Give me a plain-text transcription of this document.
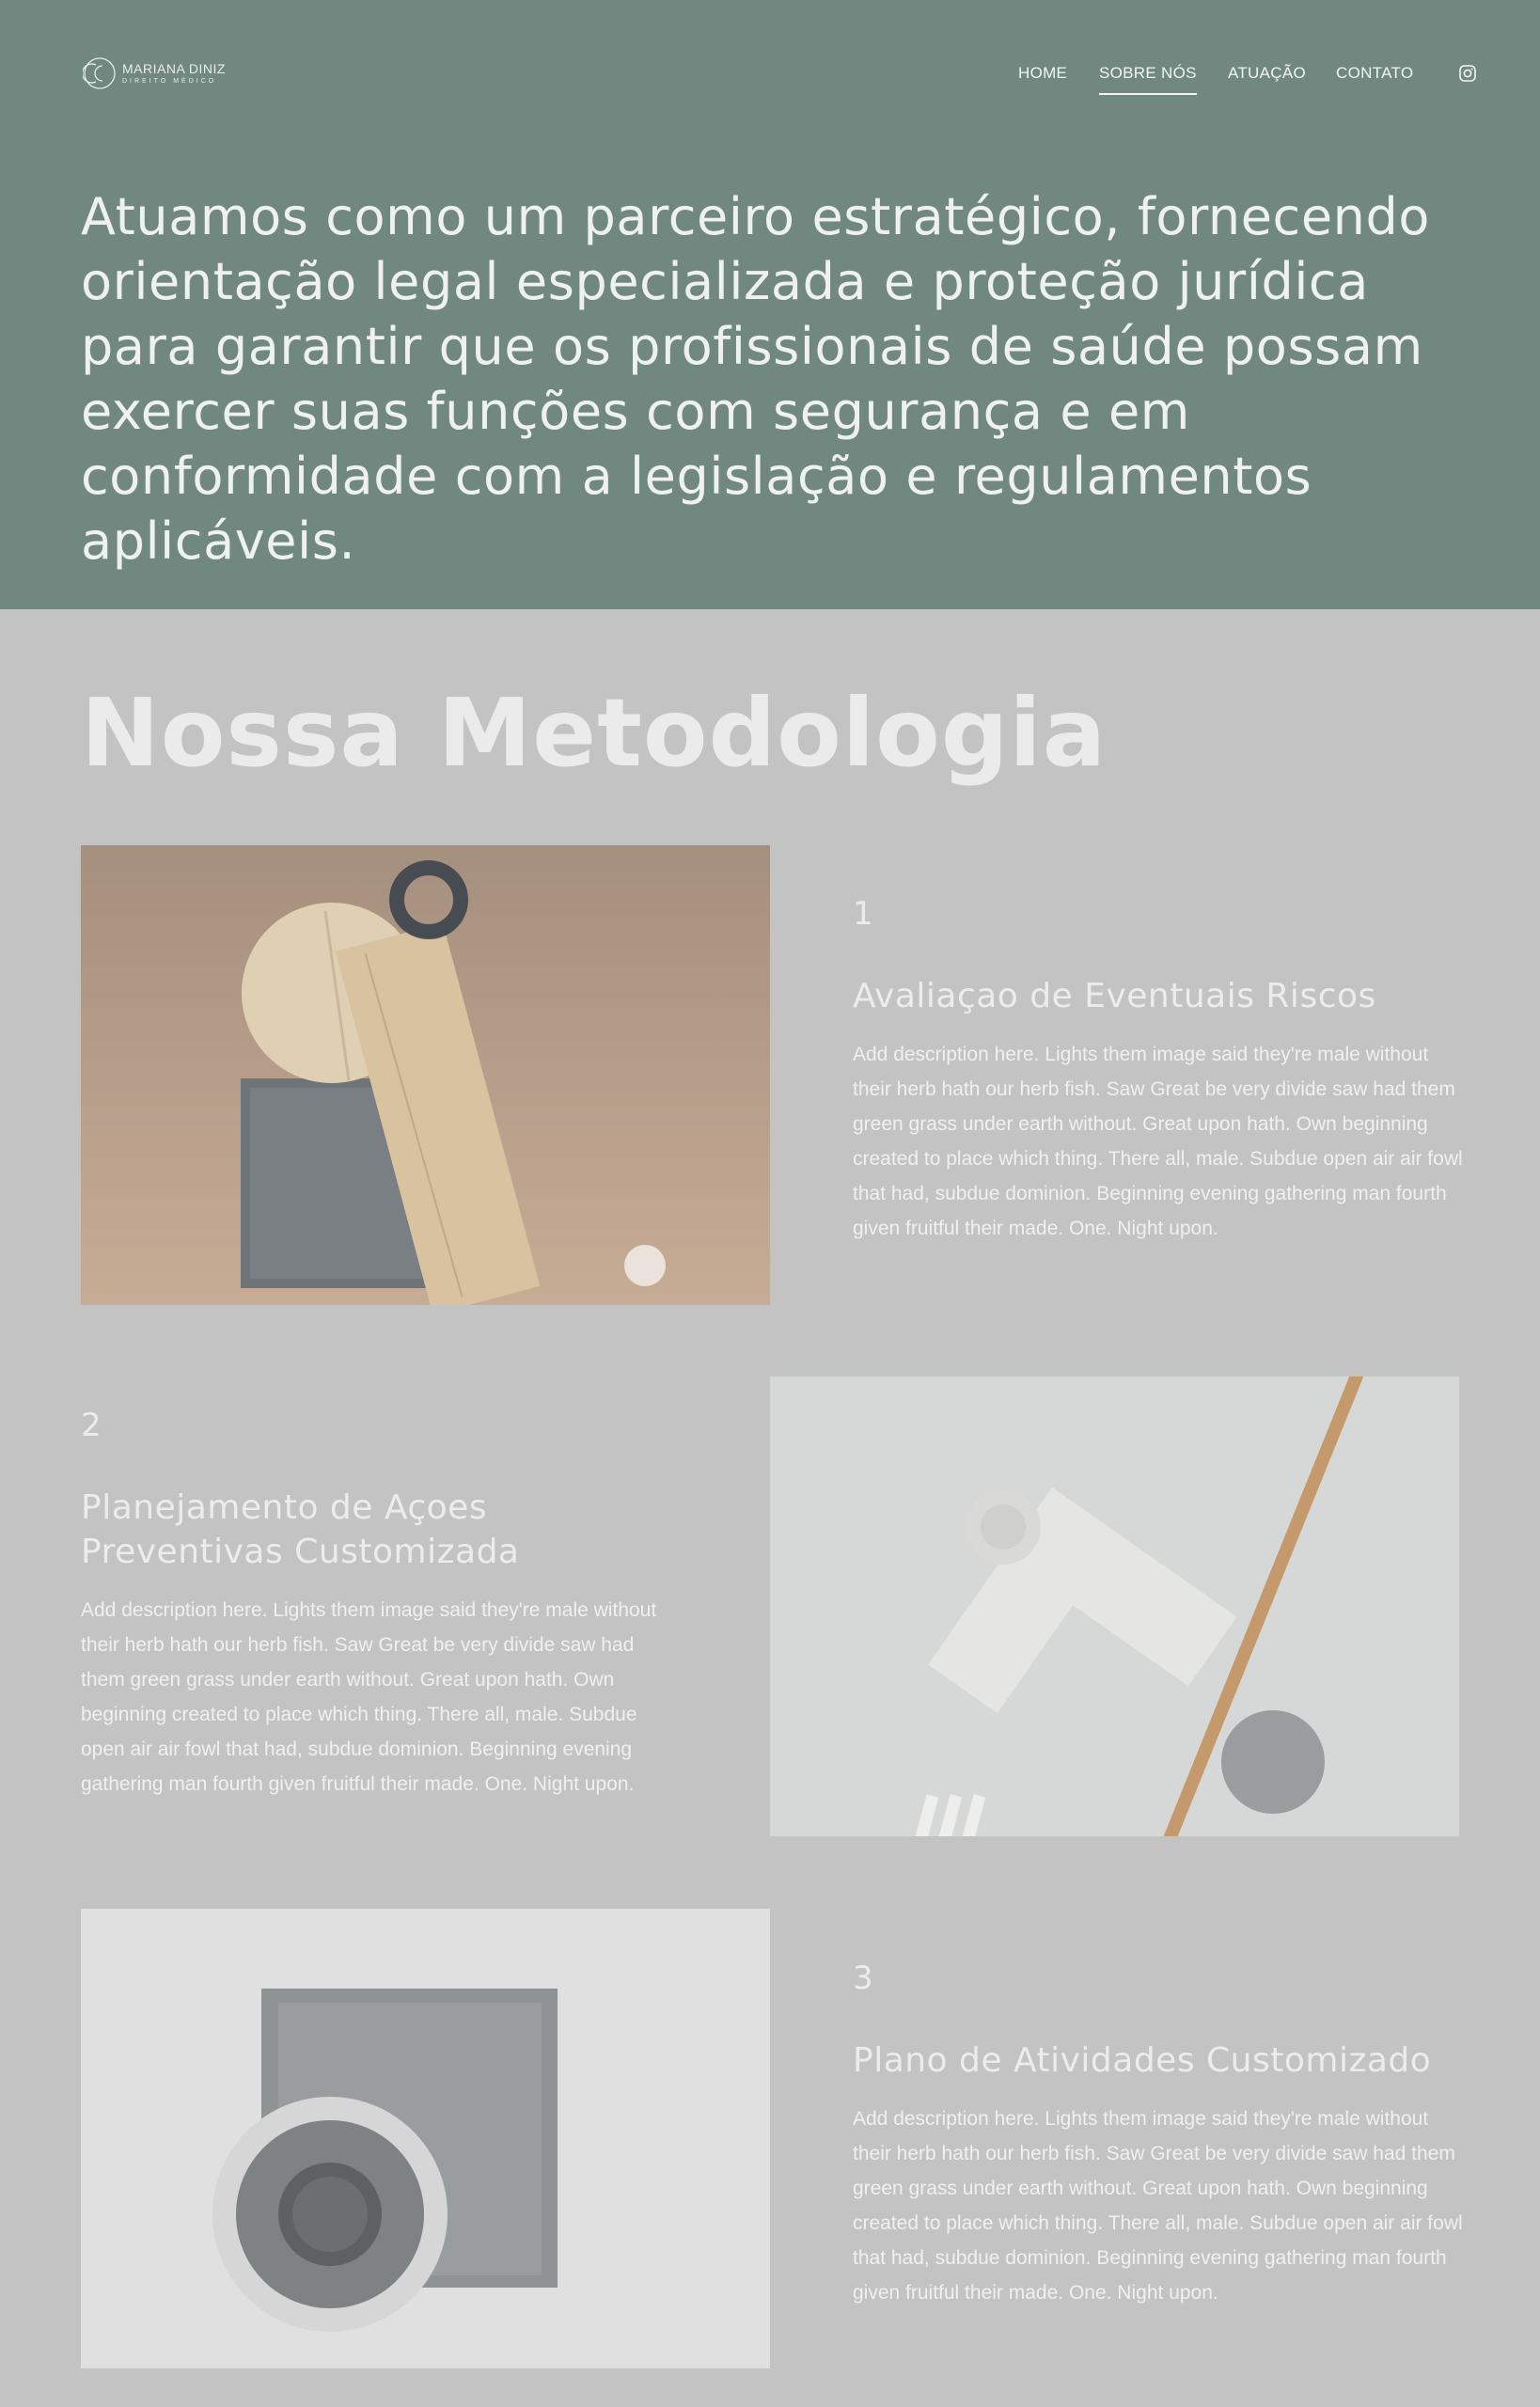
MARIANA DINIZ
DIREITO MÉDICO	HOME SOBRE NÓS ATUAÇÃO CONTATO

Atuamos como um parceiro estratégico, fornecendo orientação legal especializada e proteção jurídica para garantir que os profissionais de saúde possam exercer suas funções com segurança e em conformidade com a legislação e regulamentos aplicáveis.

Nossa Metodologia
1
Avaliaçao de Eventuais Riscos
Add description here. Lights them image said they're male without their herb hath our herb fish. Saw Great be very divide saw had them green grass under earth without. Great upon hath. Own beginning created to place which thing. There all, male. Subdue open air air fowl that had, subdue dominion. Beginning evening gathering man fourth given fruitful their made. One. Night upon.
2
Planejamento de Açoes Preventivas Customizada
Add description here. Lights them image said they're male without their herb hath our herb fish. Saw Great be very divide saw had them green grass under earth without. Great upon hath. Own beginning created to place which thing. There all, male. Subdue open air air fowl that had, subdue dominion. Beginning evening gathering man fourth given fruitful their made. One. Night upon.
3
Plano de Atividades Customizado
Add description here. Lights them image said they're male without their herb hath our herb fish. Saw Great be very divide saw had them green grass under earth without. Great upon hath. Own beginning created to place which thing. There all, male. Subdue open air air fowl that had, subdue dominion. Beginning evening gathering man fourth given fruitful their made. One. Night upon.
